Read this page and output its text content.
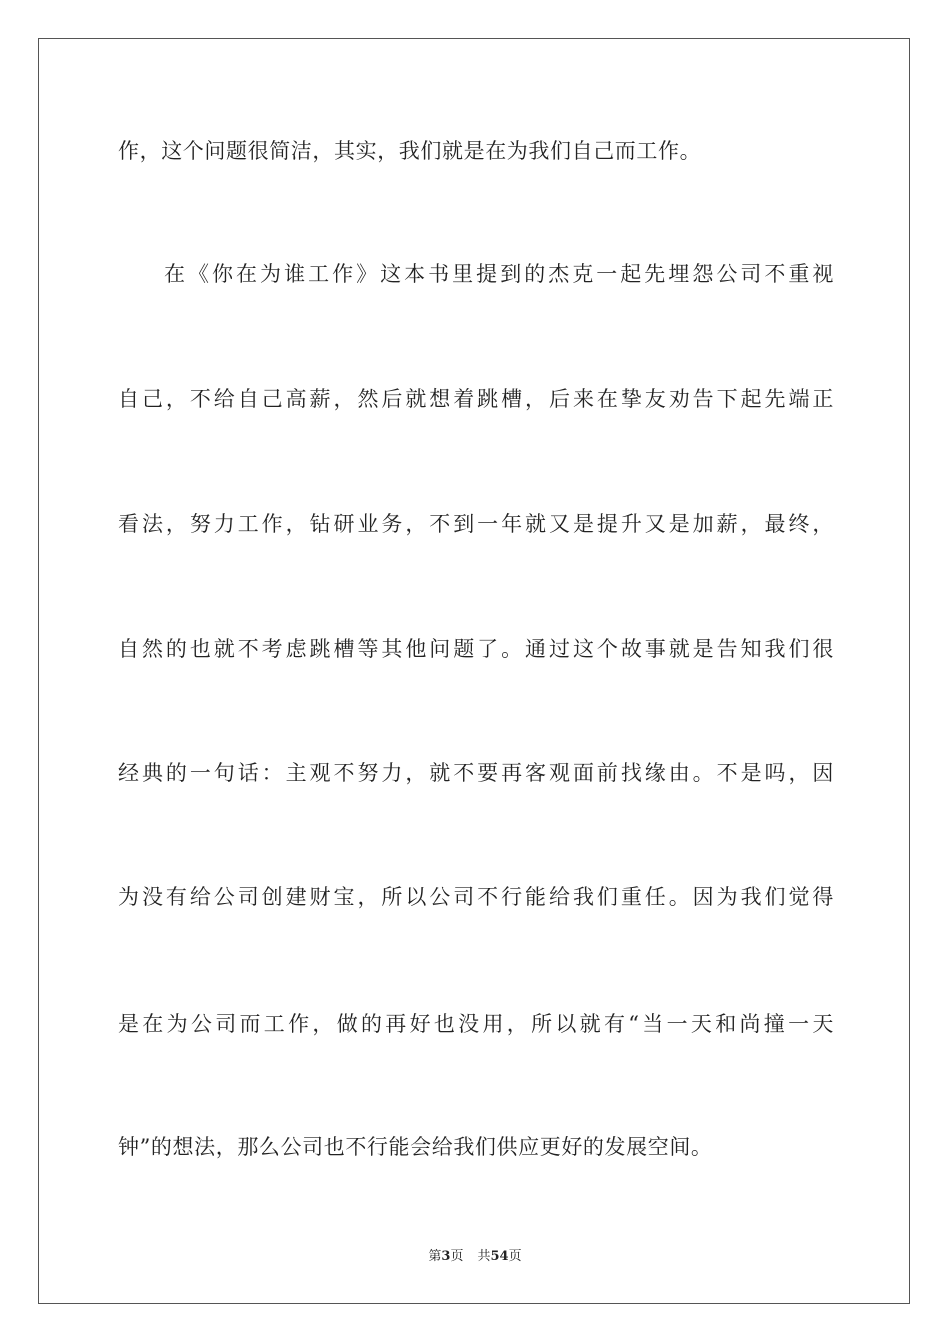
作，这个问题很简洁，其实，我们就是在为我们自己而工作。
在《你在为谁工作》这本书里提到的杰克一起先埋怨公司不重视
自己，不给自己高薪，然后就想着跳槽，后来在挚友劝告下起先端正
看法，努力工作，钻研业务，不到一年就又是提升又是加薪，最终，
自然的也就不考虑跳槽等其他问题了。通过这个故事就是告知我们很
经典的一句话：主观不努力，就不要再客观面前找缘由。不是吗，因
为没有给公司创建财宝，所以公司不行能给我们重任。因为我们觉得
是在为公司而工作，做的再好也没用，所以就有“当一天和尚撞一天
钟”的想法，那么公司也不行能会给我们供应更好的发展空间。
第3页 共54页
